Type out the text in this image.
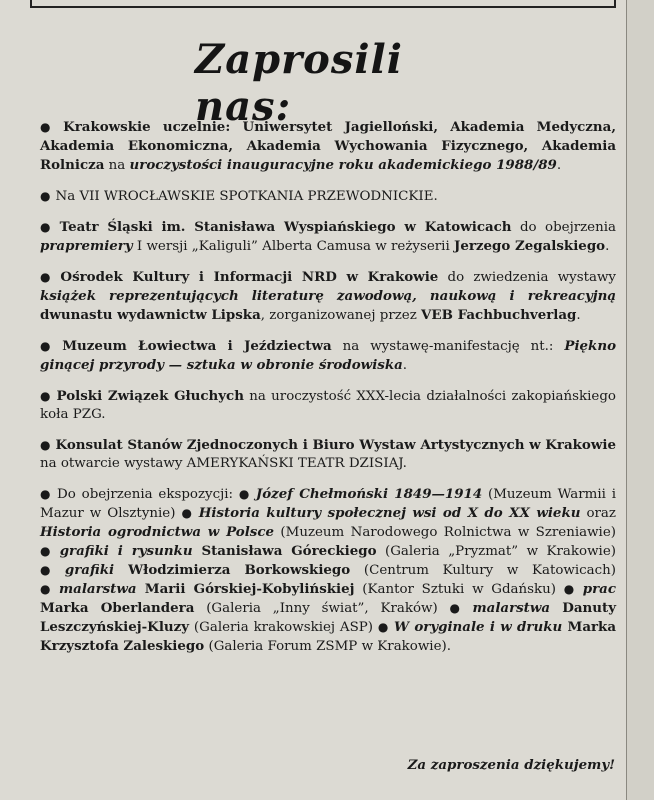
Zaprosili nas:

● Krakowskie uczelnie: Uniwersytet Jagielloński, Akademia Medyczna, Akademia Ekonomiczna, Akademia Wychowania Fizycznego, Akademia Rolnicza na uroczystości inauguracyjne roku akademickiego 1988/89.

● Na VII WROCŁAWSKIE SPOTKANIA PRZEWODNICKIE.

● Teatr Śląski im. Stanisława Wyspiańskiego w Katowicach do obejrzenia prapremiery I wersji „Kaliguli” Alberta Camusa w reżyserii Jerzego Zegalskiego.

● Ośrodek Kultury i Informacji NRD w Krakowie do zwiedzenia wystawy książek reprezentujących literaturę zawodową, naukową i rekreacyjną dwunastu wydawnictw Lipska, zorganizowanej przez VEB Fachbuchverlag.

● Muzeum Łowiectwa i Jeździectwa na wystawę-manifestację nt.: Piękno ginącej przyrody — sztuka w obronie środowiska.

● Polski Związek Głuchych na uroczystość XXX-lecia działalności zakopiańskiego koła PZG.

● Konsulat Stanów Zjednoczonych i Biuro Wystaw Artystycznych w Krakowie na otwarcie wystawy AMERYKAŃSKI TEATR DZISIAJ.

● Do obejrzenia ekspozycji: ● Józef Chełmoński 1849—1914 (Muzeum Warmii i Mazur w Olsztynie) ● Historia kultury społecznej wsi od X do XX wieku oraz Historia ogrodnictwa w Polsce (Muzeum Narodowego Rolnictwa w Szreniawie) ● grafiki i rysunku Stanisława Góreckiego (Galeria „Pryzmat” w Krakowie) ● grafiki Włodzimierza Borkowskiego (Centrum Kultury w Katowicach) ● malarstwa Marii Górskiej-Kobylińskiej (Kantor Sztuki w Gdańsku) ● prac Marka Oberlandera (Galeria „Inny świat”, Kraków) ● malarstwa Danuty Leszczyńskiej-Kluzy (Galeria krakowskiej ASP) ● W oryginale i w druku Marka Krzysztofa Zaleskiego (Galeria Forum ZSMP w Krakowie).

Za zaproszenia dziękujemy!
